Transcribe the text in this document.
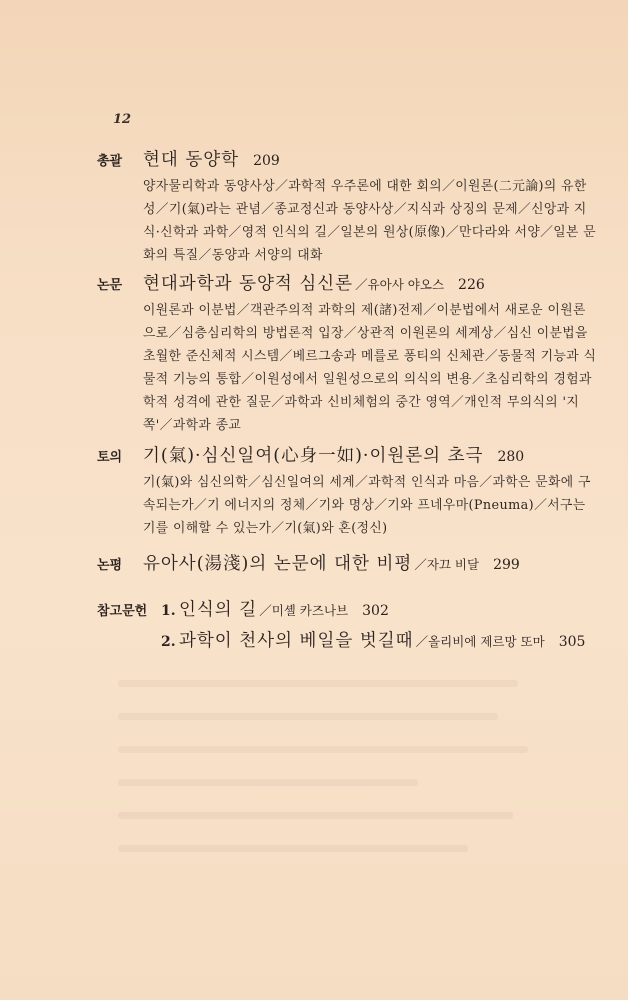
12
총괄	현대 동양학 209
양자물리학과 동양사상／과학적 우주론에 대한 회의／이원론(二元論)의 유한성／기(氣)라는 관념／종교정신과 동양사상／지식과 상징의 문제／신앙과 지식·신학과 과학／영적 인식의 길／일본의 원상(原像)／만다라와 서양／일본 문화의 특질／동양과 서양의 대화
논문	현대과학과 동양적 심신론 ／유아사 야오스 226
이원론과 이분법／객관주의적 과학의 제(諸)전제／이분법에서 새로운 이원론으로／심층심리학의 방법론적 입장／상관적 이원론의 세계상／심신 이분법을 초월한 준신체적 시스템／베르그송과 메를로 퐁티의 신체관／동물적 기능과 식물적 기능의 통합／이원성에서 일원성으로의 의식의 변용／초심리학의 경험과학적 성격에 관한 질문／과학과 신비체험의 중간 영역／개인적 무의식의 '지쪽'／과학과 종교
토의	기(氣)·심신일여(心身一如)·이원론의 초극 280
기(氣)와 심신의학／심신일여의 세계／과학적 인식과 마음／과학은 문화에 구속되는가／기 에너지의 정체／기와 명상／기와 프네우마(Pneuma)／서구는 기를 이해할 수 있는가／기(氣)와 혼(정신)
논평	유아사(湯淺)의 논문에 대한 비평 ／자끄 비달 299
참고문헌 1. 인식의 길 ／미셸 카즈나브 302
2. 과학이 천사의 베일을 벗길때 ／올리비에 제르망 또마 305
